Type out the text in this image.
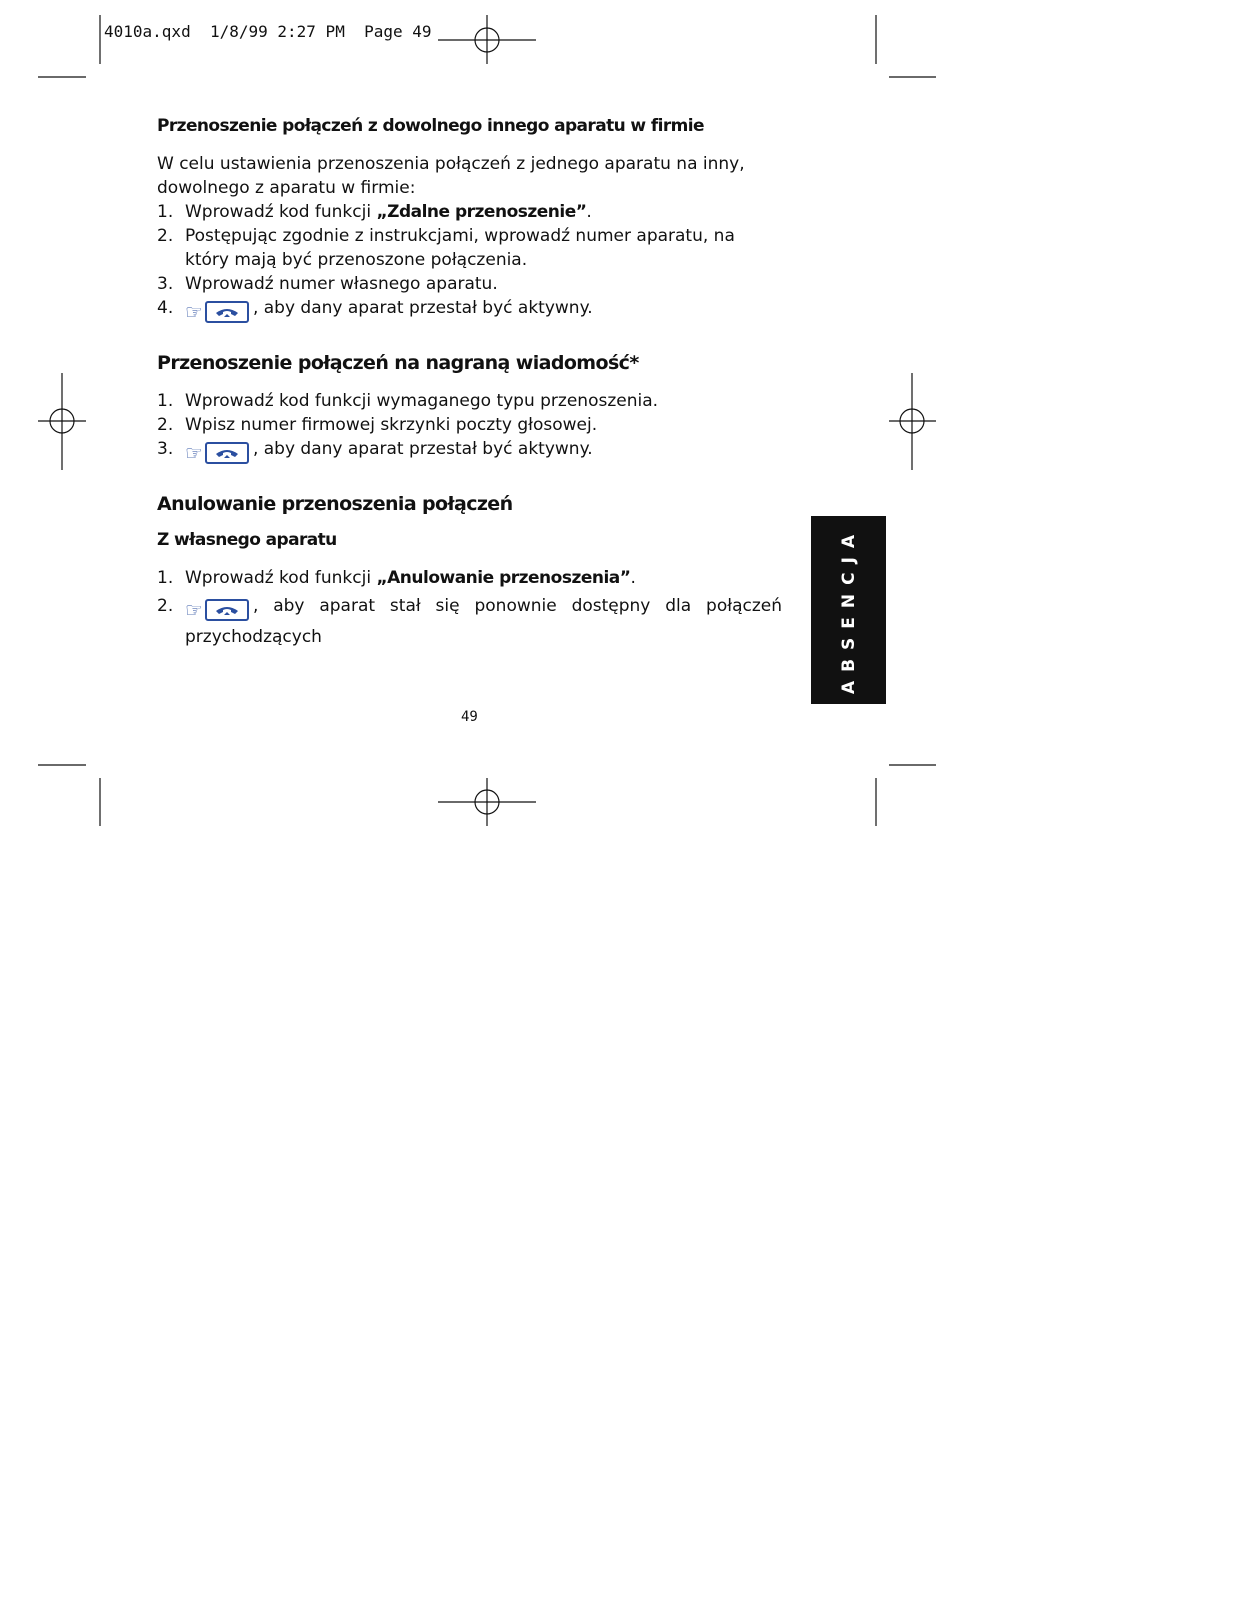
4010a.qxd  1/8/99 2:27 PM  Page 49
Przenoszenie połączeń z dowolnego innego aparatu w firmie
W celu ustawienia przenoszenia połączeń z jednego aparatu na inny, dowolnego z aparatu w firmie:
1. Wprowadź kod funkcji „Zdalne przenoszenie”.
2. Postępując zgodnie z instrukcjami, wprowadź numer aparatu, na który mają być przenoszone połączenia.
3. Wprowadź numer własnego aparatu.
4. ☞	, aby dany aparat przestał być aktywny.
Przenoszenie połączeń na nagraną wiadomość*
1. Wprowadź kod funkcji wymaganego typu przenoszenia.
2. Wpisz numer firmowej skrzynki poczty głosowej.
3. ☞	, aby dany aparat przestał być aktywny.
Anulowanie przenoszenia połączeń
Z własnego aparatu
1. Wprowadź kod funkcji „Anulowanie przenoszenia”.
2. ☞	, aby aparat stał się ponownie dostępny dla połączeń
przychodzących	ABSENCJA
49
